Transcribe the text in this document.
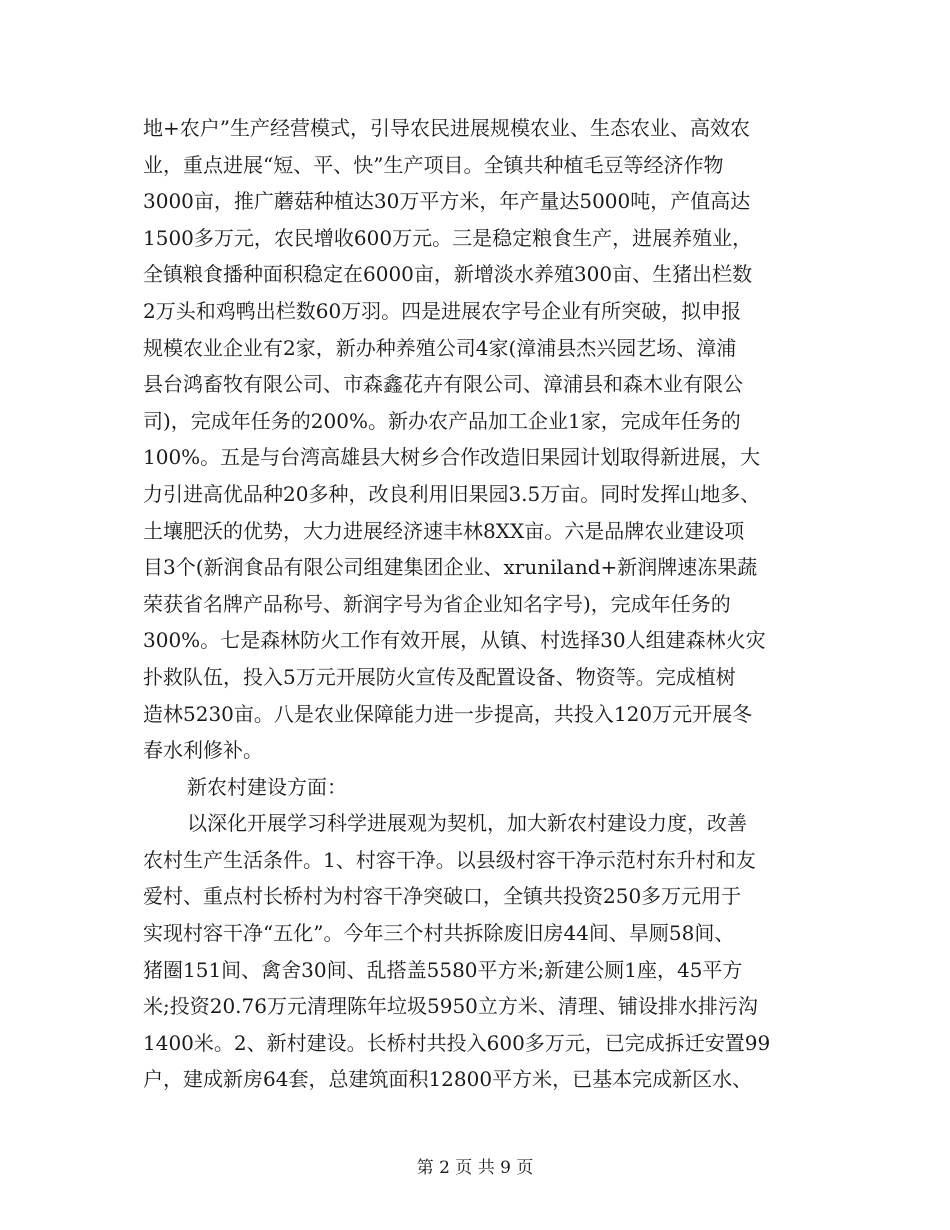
地+农户”生产经营模式，引导农民进展规模农业、生态农业、高效农
业，重点进展“短、平、快”生产项目。全镇共种植毛豆等经济作物
3000亩，推广蘑菇种植达30万平方米，年产量达5000吨，产值高达
1500多万元，农民增收600万元。三是稳定粮食生产，进展养殖业，
全镇粮食播种面积稳定在6000亩，新增淡水养殖300亩、生猪出栏数
2万头和鸡鸭出栏数60万羽。四是进展农字号企业有所突破，拟申报
规模农业企业有2家，新办种养殖公司4家(漳浦县杰兴园艺场、漳浦
县台鸿畜牧有限公司、市森鑫花卉有限公司、漳浦县和森木业有限公
司)，完成年任务的200%。新办农产品加工企业1家，完成年任务的
100%。五是与台湾高雄县大树乡合作改造旧果园计划取得新进展，大
力引进高优品种20多种，改良利用旧果园3.5万亩。同时发挥山地多、
土壤肥沃的优势，大力进展经济速丰林8XX亩。六是品牌农业建设项
目3个(新润食品有限公司组建集团企业、xruniland+新润牌速冻果蔬
荣获省名牌产品称号、新润字号为省企业知名字号)，完成年任务的
300%。七是森林防火工作有效开展，从镇、村选择30人组建森林火灾
扑救队伍，投入5万元开展防火宣传及配置设备、物资等。完成植树
造林5230亩。八是农业保障能力进一步提高，共投入120万元开展冬
春水利修补。
新农村建设方面：
以深化开展学习科学进展观为契机，加大新农村建设力度，改善
农村生产生活条件。1、村容干净。以县级村容干净示范村东升村和友
爱村、重点村长桥村为村容干净突破口，全镇共投资250多万元用于
实现村容干净“五化”。今年三个村共拆除废旧房44间、旱厕58间、
猪圈151间、禽舍30间、乱搭盖5580平方米;新建公厕1座，45平方
米;投资20.76万元清理陈年垃圾5950立方米、清理、铺设排水排污沟
1400米。2、新村建设。长桥村共投入600多万元，已完成拆迁安置99
户，建成新房64套，总建筑面积12800平方米，已基本完成新区水、
第 2 页 共 9 页
